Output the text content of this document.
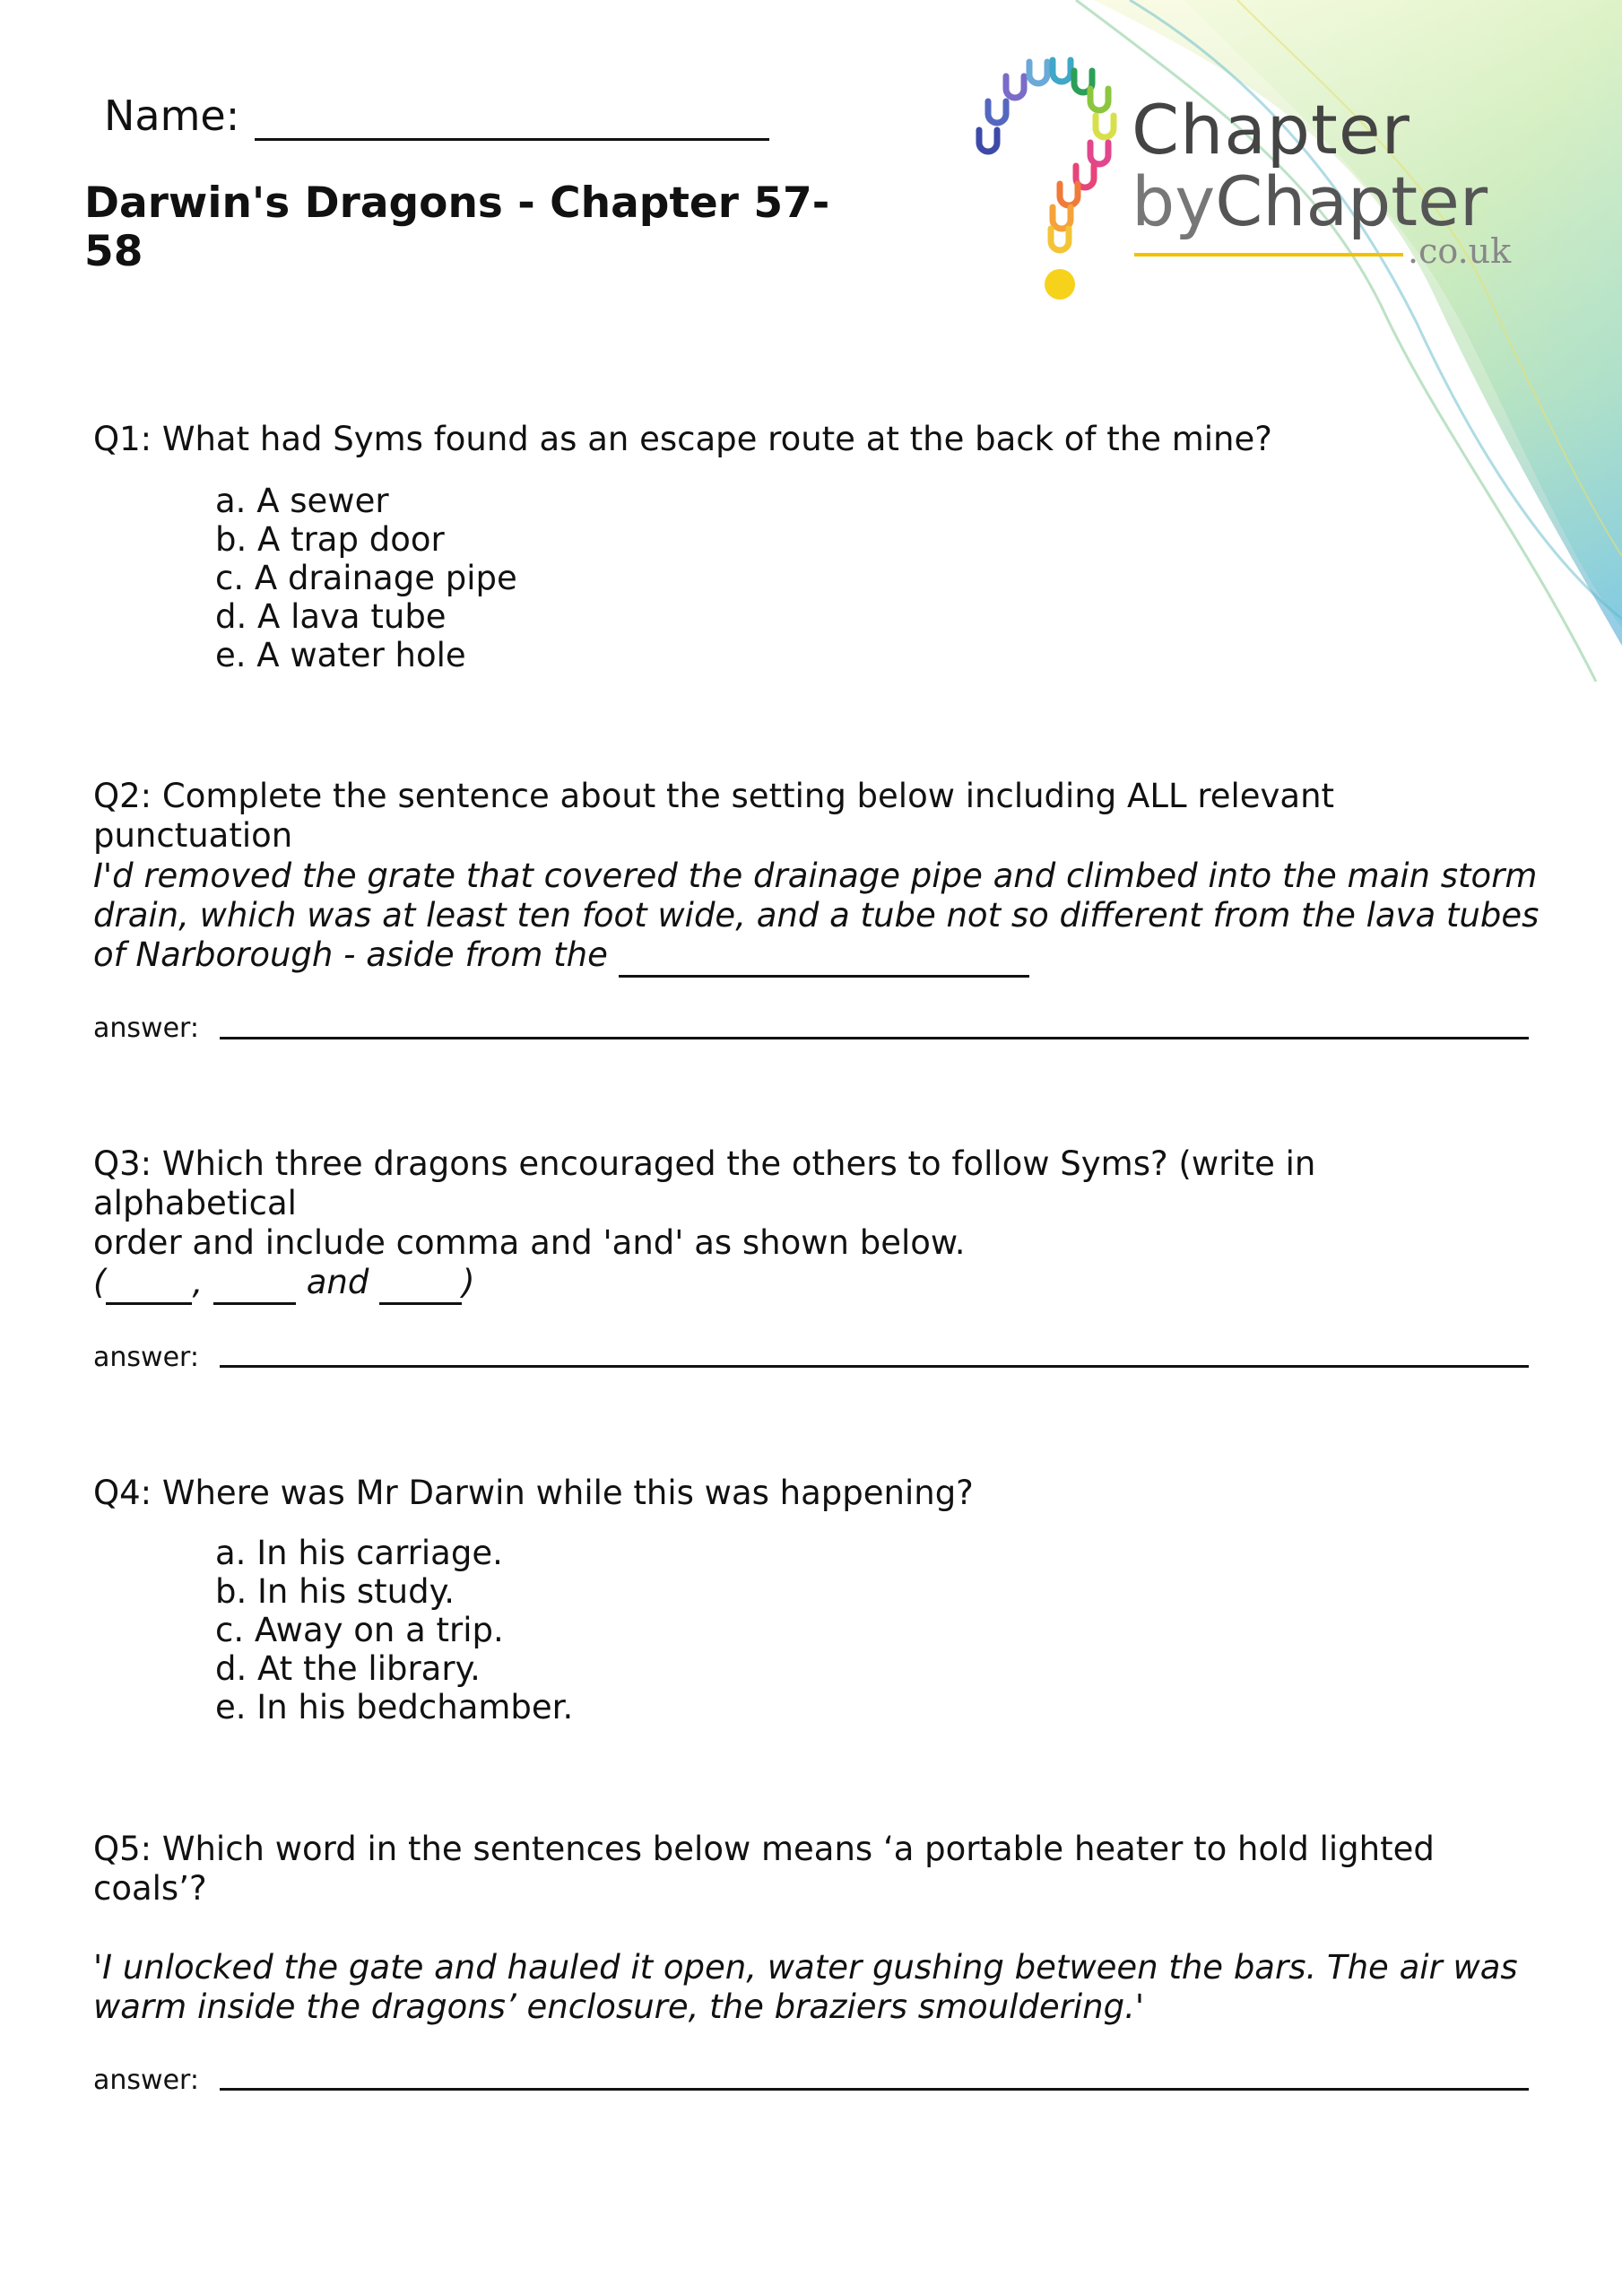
Chapter
byChapter
.co.uk
Name:
Darwin's Dragons - Chapter 57-58
Q1: What had Syms found as an escape route at the back of the mine?
a. A sewer
b. A trap door
c. A drainage pipe
d. A lava tube
e. A water hole
Q2: Complete the sentence about the setting below including ALL relevant punctuation
I'd removed the grate that covered the drainage pipe and climbed into the main storm
drain, which was at least ten foot wide, and a tube not so different from the lava tubes
of Narborough - aside from the
answer:
Q3: Which three dragons encouraged the others to follow Syms? (write in alphabetical
order and include comma and 'and' as shown below.
(	,	and	)
answer:
Q4: Where was Mr Darwin while this was happening?
a. In his carriage.
b. In his study.
c. Away on a trip.
d. At the library.
e. In his bedchamber.
Q5: Which word in the sentences below means ‘a portable heater to hold lighted
coals’?
'I unlocked the gate and hauled it open, water gushing between the bars. The air was
warm inside the dragons’ enclosure, the braziers smouldering.'
answer:
